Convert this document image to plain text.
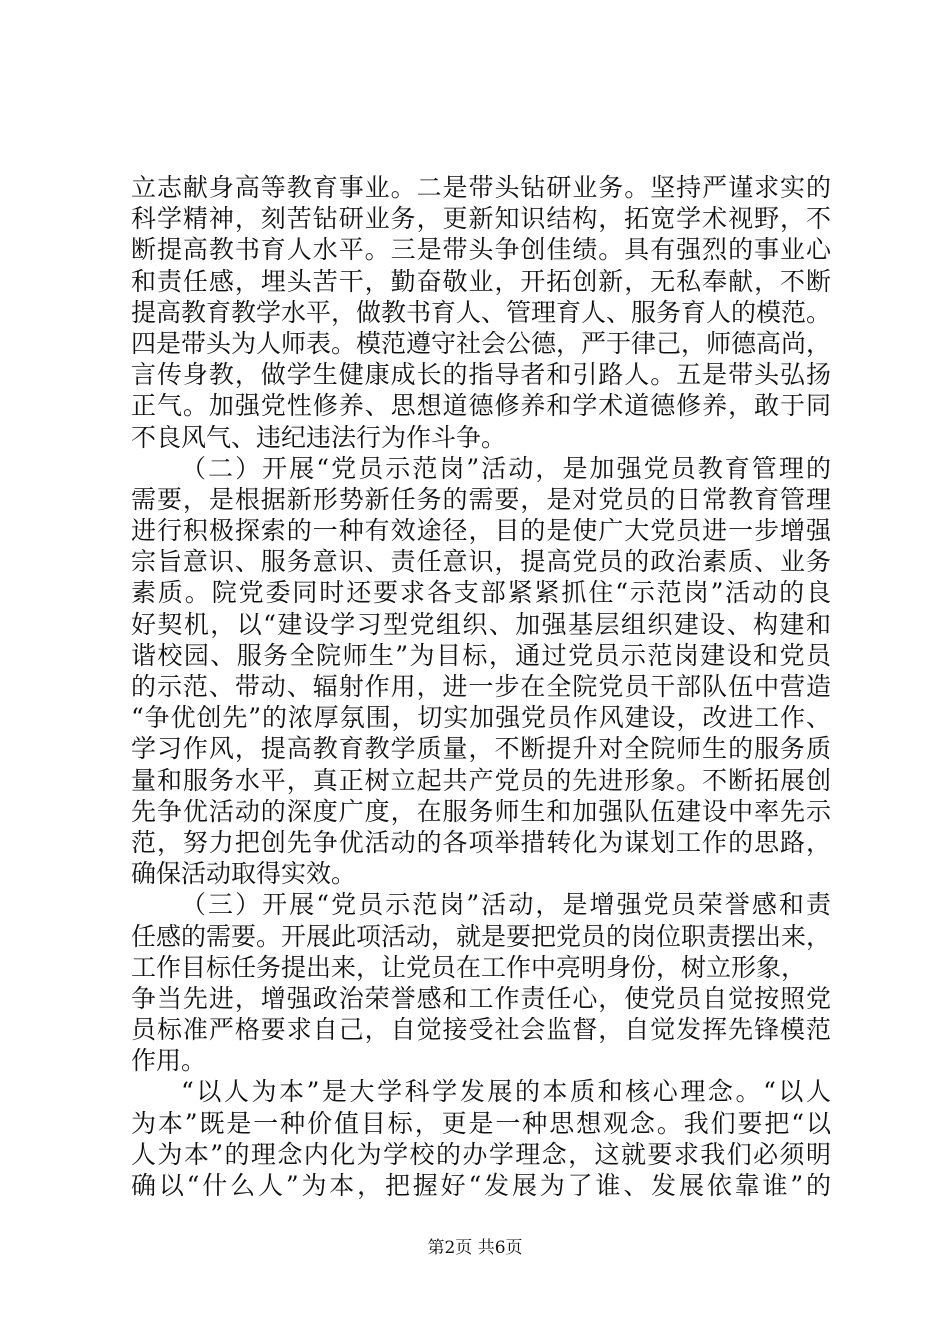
立志献身高等教育事业。二是带头钻研业务。坚持严谨求实的
科学精神，刻苦钻研业务，更新知识结构，拓宽学术视野，不
断提高教书育人水平。三是带头争创佳绩。具有强烈的事业心
和责任感，埋头苦干，勤奋敬业，开拓创新，无私奉献，不断
提高教育教学水平，做教书育人、管理育人、服务育人的模范。
四是带头为人师表。模范遵守社会公德，严于律己，师德高尚，
言传身教，做学生健康成长的指导者和引路人。五是带头弘扬
正气。加强党性修养、思想道德修养和学术道德修养，敢于同
不良风气、违纪违法行为作斗争。
（二）开展“党员示范岗”活动，是加强党员教育管理的
需要，是根据新形势新任务的需要，是对党员的日常教育管理
进行积极探索的一种有效途径，目的是使广大党员进一步增强
宗旨意识、服务意识、责任意识，提高党员的政治素质、业务
素质。院党委同时还要求各支部紧紧抓住“示范岗”活动的良
好契机，以“建设学习型党组织、加强基层组织建设、构建和
谐校园、服务全院师生”为目标，通过党员示范岗建设和党员
的示范、带动、辐射作用，进一步在全院党员干部队伍中营造
“争优创先”的浓厚氛围，切实加强党员作风建设，改进工作、
学习作风，提高教育教学质量，不断提升对全院师生的服务质
量和服务水平，真正树立起共产党员的先进形象。不断拓展创
先争优活动的深度广度，在服务师生和加强队伍建设中率先示
范，努力把创先争优活动的各项举措转化为谋划工作的思路，
确保活动取得实效。
（三）开展“党员示范岗”活动，是增强党员荣誉感和责
任感的需要。开展此项活动，就是要把党员的岗位职责摆出来，
工作目标任务提出来，让党员在工作中亮明身份，树立形象，
争当先进，增强政治荣誉感和工作责任心，使党员自觉按照党
员标准严格要求自己，自觉接受社会监督，自觉发挥先锋模范
作用。
“以人为本”是大学科学发展的本质和核心理念。“以人
为本”既是一种价值目标，更是一种思想观念。我们要把“以
人为本”的理念内化为学校的办学理念，这就要求我们必须明
确以“什么人”为本，把握好“发展为了谁、发展依靠谁”的
第2页 共6页
